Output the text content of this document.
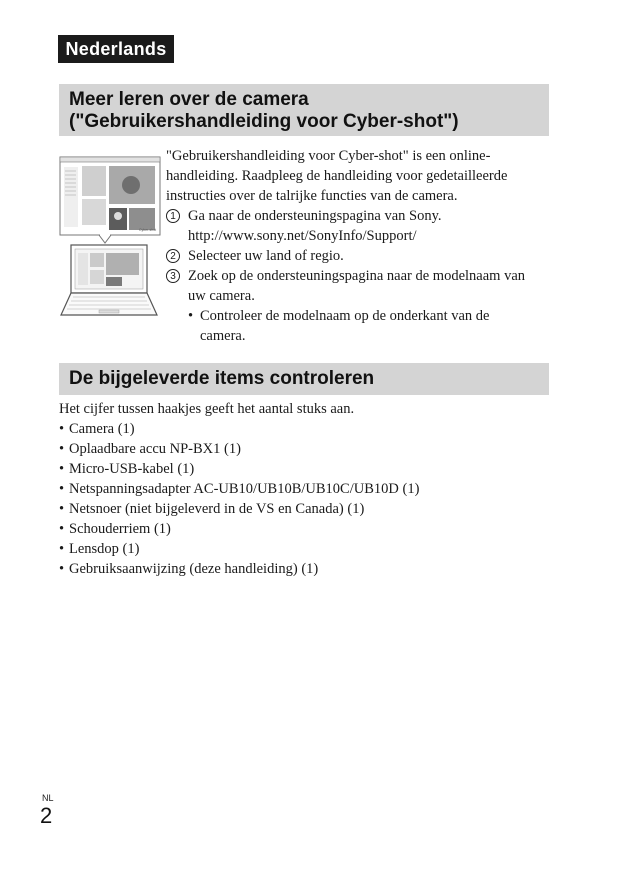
Nederlands
Meer leren over de camera
("Gebruikershandleiding voor Cyber-shot")
Cyber-shot

"Gebruikershandleiding voor Cyber-shot" is een online-

handleiding. Raadpleeg de handleiding voor gedetailleerde

instructies over de talrijke functies van de camera.

1 Ga naar de ondersteuningspagina van Sony.
http://www.sony.net/SonyInfo/Support/
2 Selecteer uw land of regio.
3 Zoek op de ondersteuningspagina naar de modelnaam van
uw camera.
• Controleer de modelnaam op de onderkant van de
camera.
De bijgeleverde items controleren

Het cijfer tussen haakjes geeft het aantal stuks aan.

• Camera (1)
• Oplaadbare accu NP-BX1 (1)
• Micro-USB-kabel (1)
• Netspanningsadapter AC-UB10/UB10B/UB10C/UB10D (1)
• Netsnoer (niet bijgeleverd in de VS en Canada) (1)
• Schouderriem (1)
• Lensdop (1)
• Gebruiksaanwijzing (deze handleiding) (1)
NL
2
